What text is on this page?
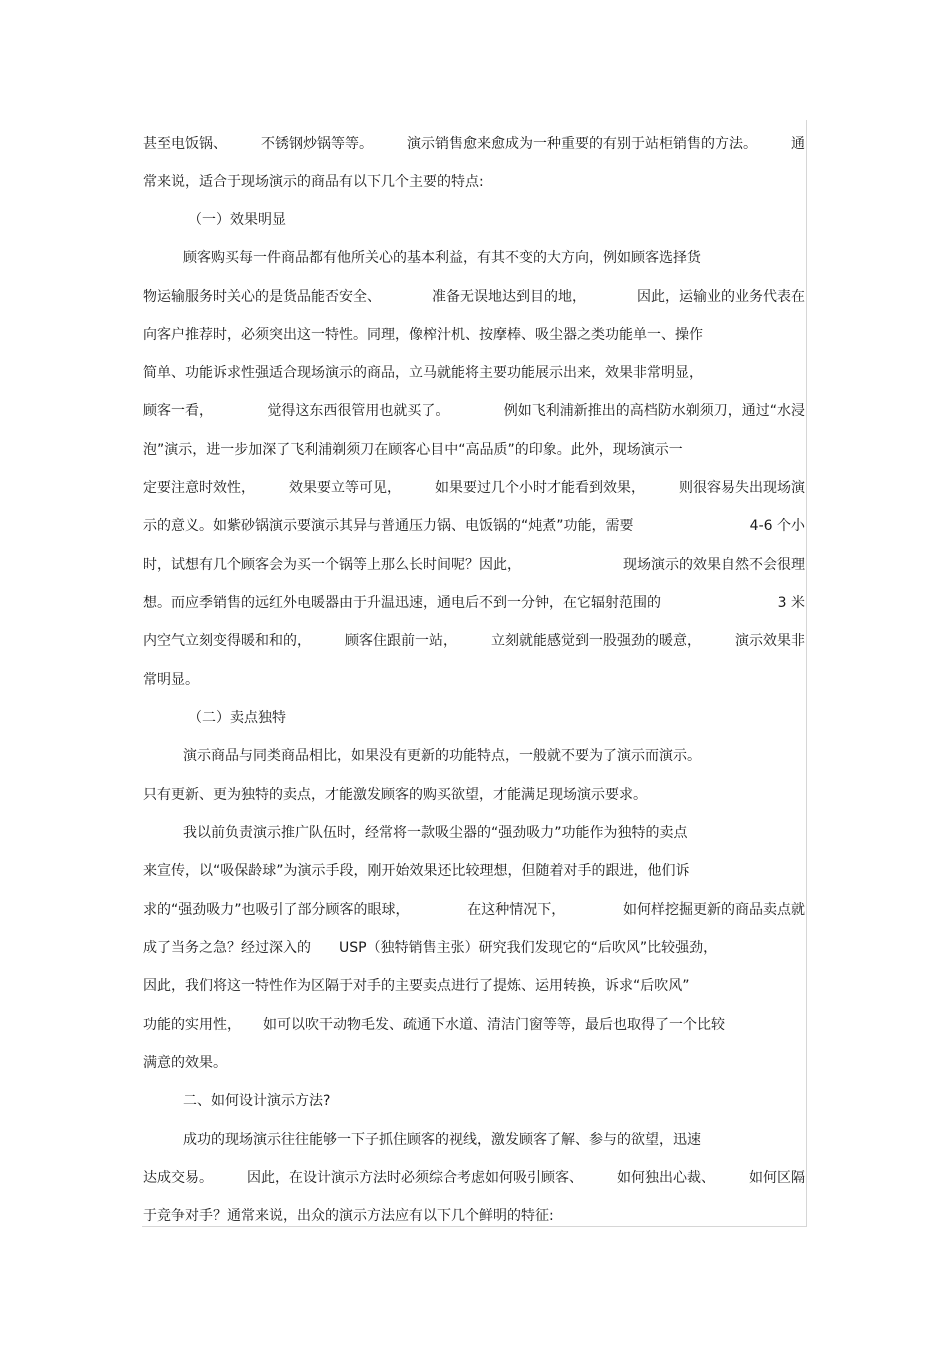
甚至电饭锅、 不锈钢炒锅等等。 演示销售愈来愈成为一种重要的有别于站柜销售的方法。 通
常来说，适合于现场演示的商品有以下几个主要的特点:
（一）效果明显
顾客购买每一件商品都有他所关心的基本利益，有其不变的大方向，例如顾客选择货
物运输服务时关心的是货品能否安全、	准备无误地达到目的地，	因此，运输业的业务代表在
向客户推荐时，必须突出这一特性。同理，像榨汁机、按摩棒、吸尘器之类功能单一、操作
简单、功能诉求性强适合现场演示的商品，立马就能将主要功能展示出来，效果非常明显，
顾客一看，	觉得这东西很管用也就买了。	例如飞利浦新推出的高档防水剃须刀，通过“水浸
泡”演示，进一步加深了飞利浦剃须刀在顾客心目中“高品质”的印象。此外，现场演示一
定要注意时效性， 效果要立等可见， 如果要过几个小时才能看到效果， 则很容易失出现场演
示的意义。如紫砂锅演示要演示其异与普通压力锅、电饭锅的“炖煮”功能，需要	4-6 个小
时，试想有几个顾客会为买一个锅等上那么长时间呢？因此，	现场演示的效果自然不会很理
想。而应季销售的远红外电暖器由于升温迅速，通电后不到一分钟，在它辐射范围的	3 米
内空气立刻变得暖和和的， 顾客住跟前一站， 立刻就能感觉到一股强劲的暖意， 演示效果非
常明显。
（二）卖点独特
演示商品与同类商品相比，如果没有更新的功能特点，一般就不要为了演示而演示。
只有更新、更为独特的卖点，才能激发顾客的购买欲望，才能满足现场演示要求。
我以前负责演示推广队伍时，经常将一款吸尘器的“强劲吸力”功能作为独特的卖点
来宣传，以“吸保龄球”为演示手段，刚开始效果还比较理想，但随着对手的跟进，他们诉
求的“强劲吸力”也吸引了部分顾客的眼球，	在这种情况下，	如何样挖掘更新的商品卖点就
成了当务之急？经过深入的 USP（独特销售主张）研究我们发现它的“后吹风”比较强劲，
因此，我们将这一特性作为区隔于对手的主要卖点进行了提炼、运用转换，诉求“后吹风”
功能的实用性， 如可以吹干动物毛发、疏通下水道、清洁门窗等等，最后也取得了一个比较
满意的效果。
二、如何设计演示方法?
成功的现场演示往往能够一下子抓住顾客的视线，激发顾客了解、参与的欲望，迅速
达成交易。 因此，在设计演示方法时必须综合考虑如何吸引顾客、 如何独出心裁、 如何区隔
于竞争对手？通常来说，出众的演示方法应有以下几个鲜明的特征:
